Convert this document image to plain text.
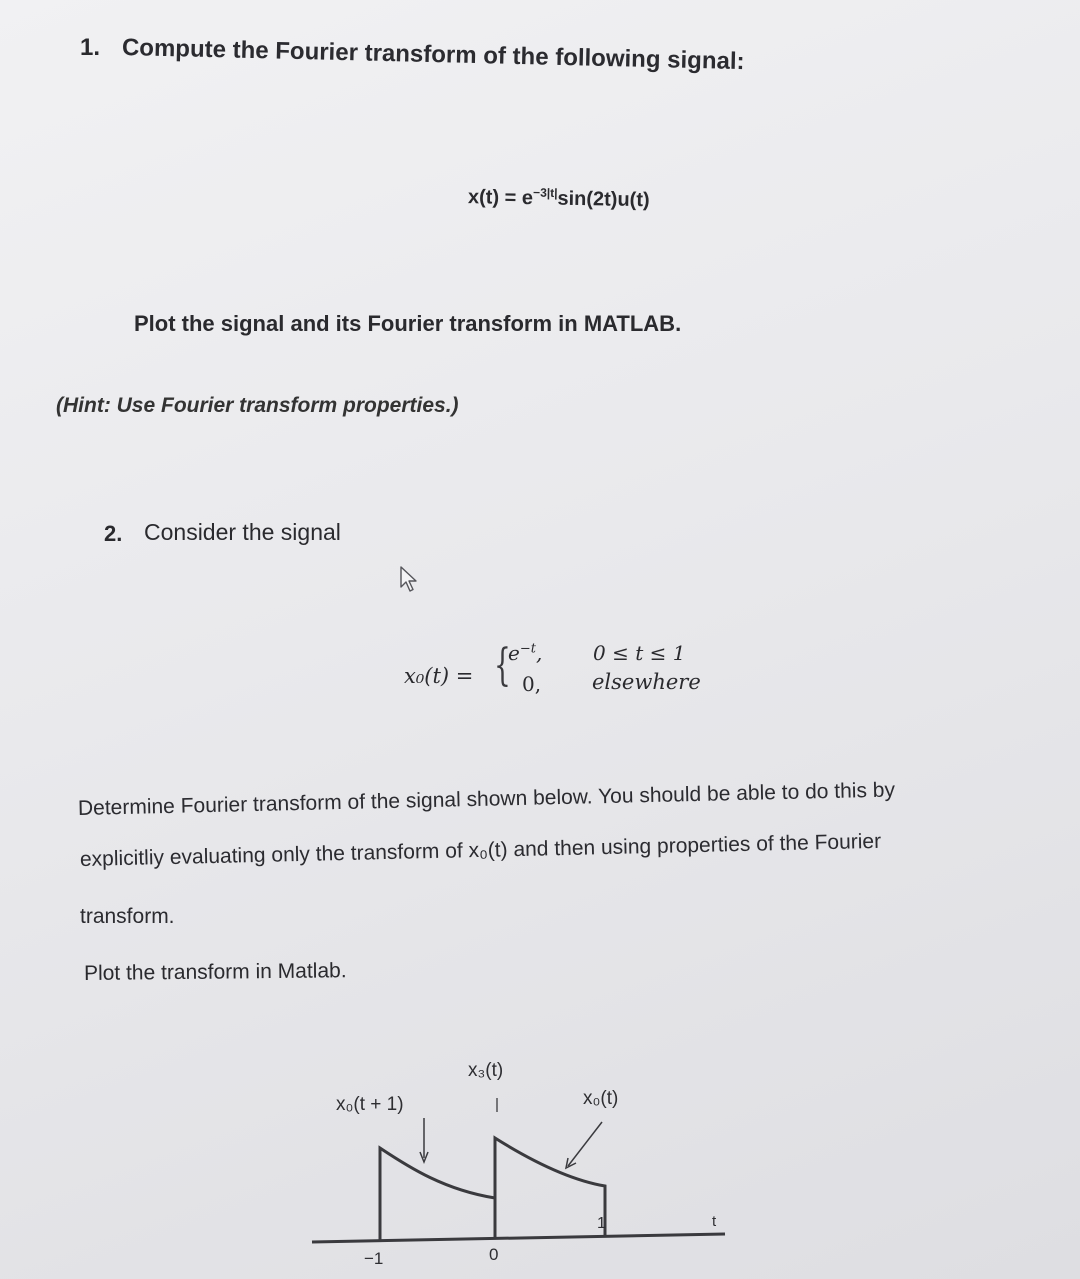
1. Compute the Fourier transform of the following signal:
$x(t) = e^{-3|t|}\sin(2t)u(t)$
Plot the signal and its Fourier transform in MATLAB.
(Hint: Use Fourier transform properties.)
2. Consider the signal
x₀(t) = {
$e^{-t}$,
0,
0 ≤ t ≤ 1
elsewhere
Determine Fourier transform of the signal shown below. You should be able to do this by
explicitliy evaluating only the transform of x₀(t) and then using properties of the Fourier
transform.
Plot the transform in Matlab.
x₀(t + 1)
x₃(t)
x₀(t)
t
−1	0
1
